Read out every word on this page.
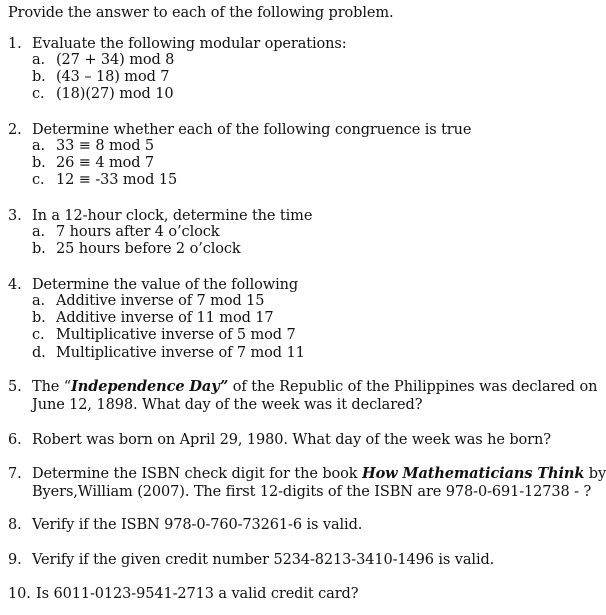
Provide the answer to each of the following problem.
1. Evaluate the following modular operations:
a. (27 + 34) mod 8
b. (43 – 18) mod 7
c. (18)(27) mod 10
2. Determine whether each of the following congruence is true
a. 33 ≡ 8 mod 5
b. 26 ≡ 4 mod 7
c. 12 ≡ -33 mod 15
3. In a 12-hour clock, determine the time
a. 7 hours after 4 o’clock
b. 25 hours before 2 o’clock
4. Determine the value of the following
a. Additive inverse of 7 mod 15
b. Additive inverse of 11 mod 17
c. Multiplicative inverse of 5 mod 7
d. Multiplicative inverse of 7 mod 11
5. The “Independence Day” of the Republic of the Philippines was declared on
June 12, 1898. What day of the week was it declared?
6. Robert was born on April 29, 1980. What day of the week was he born?
7. Determine the ISBN check digit for the book How Mathematicians Think by
Byers,William (2007). The first 12-digits of the ISBN are 978-0-691-12738 - ?
8. Verify if the ISBN 978-0-760-73261-6 is valid.
9. Verify if the given credit number 5234-8213-3410-1496 is valid.
10. Is 6011-0123-9541-2713 a valid credit card?
